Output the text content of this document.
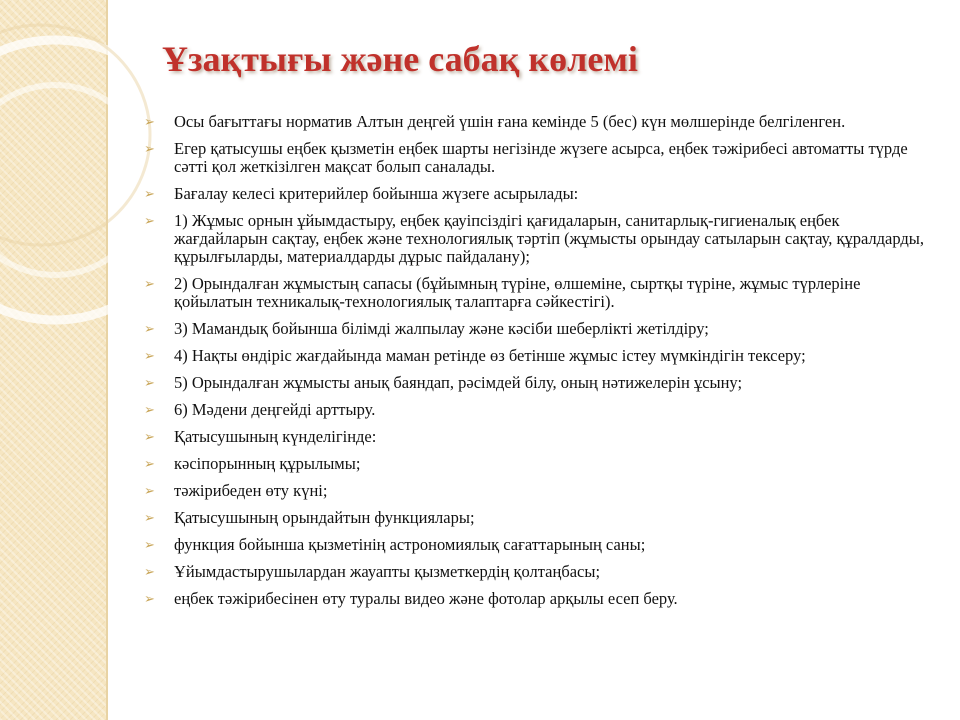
Ұзақтығы және сабақ көлемі
➢	Осы бағыттағы норматив Алтын деңгей үшін ғана кемінде 5 (бес) күн мөлшерінде белгіленген.
➢	Егер қатысушы еңбек қызметін еңбек шарты негізінде жүзеге асырса, еңбек тәжірибесі автоматты түрде сәтті қол жеткізілген мақсат болып саналады.
➢	Бағалау келесі критерийлер бойынша жүзеге асырылады:
➢	1) Жұмыс орнын ұйымдастыру, еңбек қауіпсіздігі қағидаларын, санитарлық-гигиеналық еңбек жағдайларын сақтау, еңбек және технологиялық тәртіп (жұмысты орындау сатыларын сақтау, құралдарды, құрылғыларды, материалдарды дұрыс пайдалану);
➢	2) Орындалған жұмыстың сапасы (бұйымның түріне, өлшеміне, сыртқы түріне, жұмыс түрлеріне қойылатын техникалық-технологиялық талаптарға сәйкестігі).
➢	3) Мамандық бойынша білімді жалпылау және кәсіби шеберлікті жетілдіру;
➢	4) Нақты өндіріс жағдайында маман ретінде өз бетінше жұмыс істеу мүмкіндігін тексеру;
➢	5) Орындалған жұмысты анық баяндап, рәсімдей білу, оның нәтижелерін ұсыну;
➢	6) Мәдени деңгейді арттыру.
➢	Қатысушының күнделігінде:
➢	кәсіпорынның құрылымы;
➢	тәжірибеден өту күні;
➢	Қатысушының орындайтын функциялары;
➢	функция бойынша қызметінің астрономиялық сағаттарының саны;
➢	Ұйымдастырушылардан жауапты қызметкердің қолтаңбасы;
➢	еңбек тәжірибесінен өту туралы видео және фотолар арқылы есеп беру.
